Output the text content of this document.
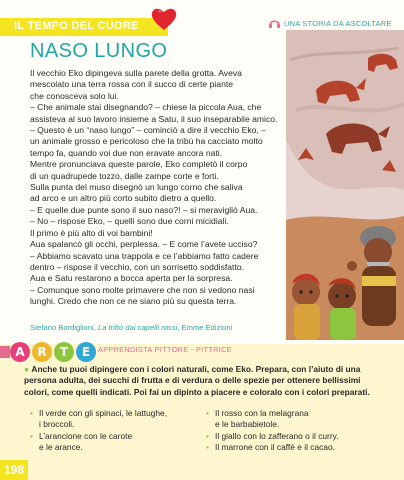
IL TEMPO DEL CUORE	UNA STORIA DA ASCOLTARE
NASO LUNGO

Il vecchio Eko dipingeva sulla parete della grotta. Aveva

mescolato una terra rossa con il succo di certe piante

che conosceva solo lui.

– Che animale stai disegnando? – chiese la piccola Aua, che

assisteva al suo lavoro insieme a Satu, il suo inseparabile amico.

– Questo è un “naso lungo” – cominciò a dire il vecchio Eko, –

un animale grosso e pericoloso che la tribù ha cacciato molto

tempo fa, quando voi due non eravate ancora nati.

Mentre pronunciava queste parole, Eko completò il corpo

di un quadrupede tozzo, dalle zampe corte e forti.

Sulla punta del muso disegnò un lungo corno che saliva

ad arco e un altro più corto subito dietro a quello.

– E quelle due punte sono il suo naso?! – si meravigliò Aua.

– No – rispose Eko, – quelli sono due corni micidiali.

Il primo è più alto di voi bambini!

Aua spalancò gli occhi, perplessa. – E come l’avete ucciso?

– Abbiamo scavato una trappola e ce l’abbiamo fatto cadere

dentro – rispose il vecchio, con un sorrisetto soddisfatto.

Aua e Satu restarono a bocca aperta per la sorpresa.

– Comunque sono molte primavere che non si vedono nasi

lunghi. Credo che non ce ne siano più su questa terra.

Stefano Bordiglioni, La tribù dai capelli rossi, Emme Edizioni
A R T E APPRENDISTA PITTORE - PITTRICE
● Anche tu puoi dipingere con i colori naturali, come Eko. Prepara, con l’aiuto di una
persona adulta, dei succhi di frutta e di verdura o delle spezie per ottenere bellissimi
colori, come quelli indicati. Poi fai un dipinto a piacere e coloralo con i colori preparati.
• Il verde con gli spinaci, le lattughe,
i broccoli.
• L’arancione con le carote
e le arance.
• Il rosso con la melagrana
e le barbabietole.
• Il giallo con lo zafferano o il curry.
• Il marrone con il caffè e il cacao.
198
